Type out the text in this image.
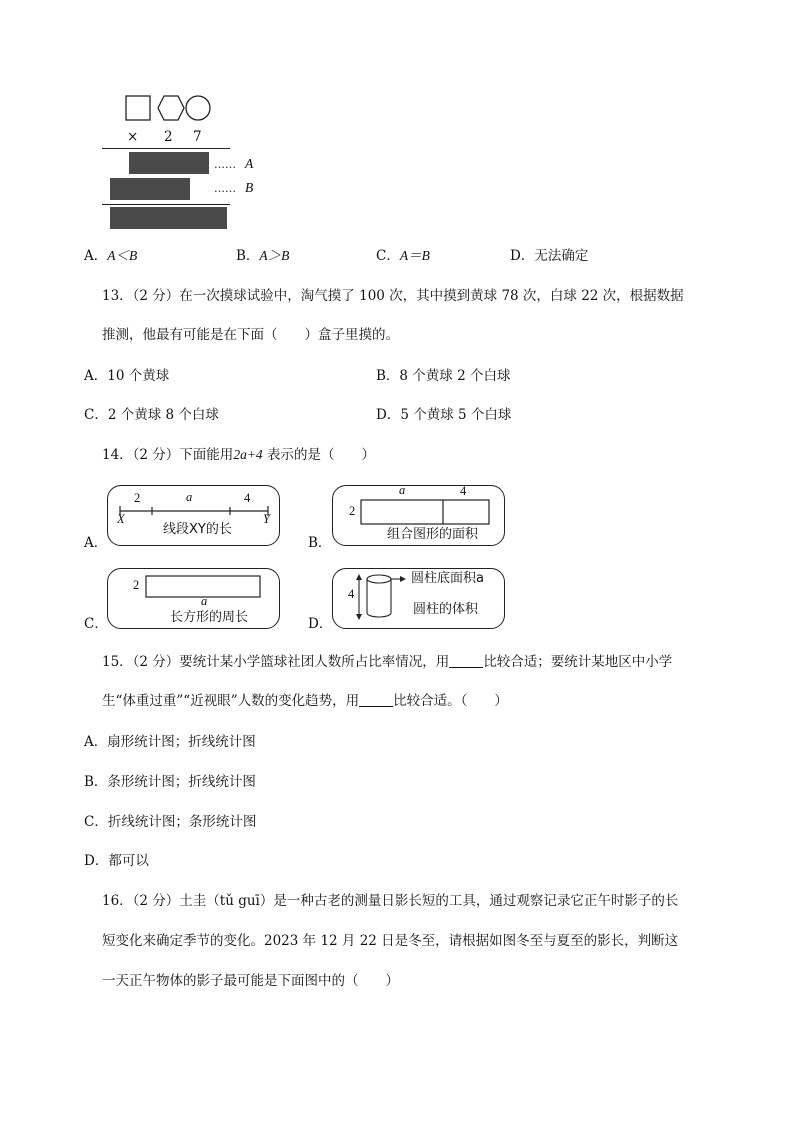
× 2 7
…… A
…… B
A．A＜B	B．A＞B	C．A＝B	D．无法确定
13．（2 分）在一次摸球试验中，淘气摸了 100 次，其中摸到黄球 78 次，白球 22 次，根据数据
推测，他最有可能是在下面（　　）盒子里摸的。
A．10 个黄球	B．8 个黄球 2 个白球
C．2 个黄球 8 个白球	D．5 个黄球 5 个白球
14．（2 分）下面能用2a+4 表示的是（　　）
A．
2	a	4
X	Y
线段XY的长
B．
a	4
2
组合图形的面积
C．
2
a
长方形的周长	D．
4
圆柱底面积a
圆柱的体积
15．（2 分）要统计某小学篮球社团人数所占比率情况，用	比较合适；要统计某地区中小学
生“体重过重”“近视眼”人数的变化趋势，用	比较合适。（　　）
A．扇形统计图；折线统计图
B．条形统计图；折线统计图
C．折线统计图；条形统计图
D．都可以
16．（2 分）土圭（tǔ guī）是一种古老的测量日影长短的工具，通过观察记录它正午时影子的长
短变化来确定季节的变化。2023 年 12 月 22 日是冬至，请根据如图冬至与夏至的影长，判断这
一天正午物体的影子最可能是下面图中的（　　）
